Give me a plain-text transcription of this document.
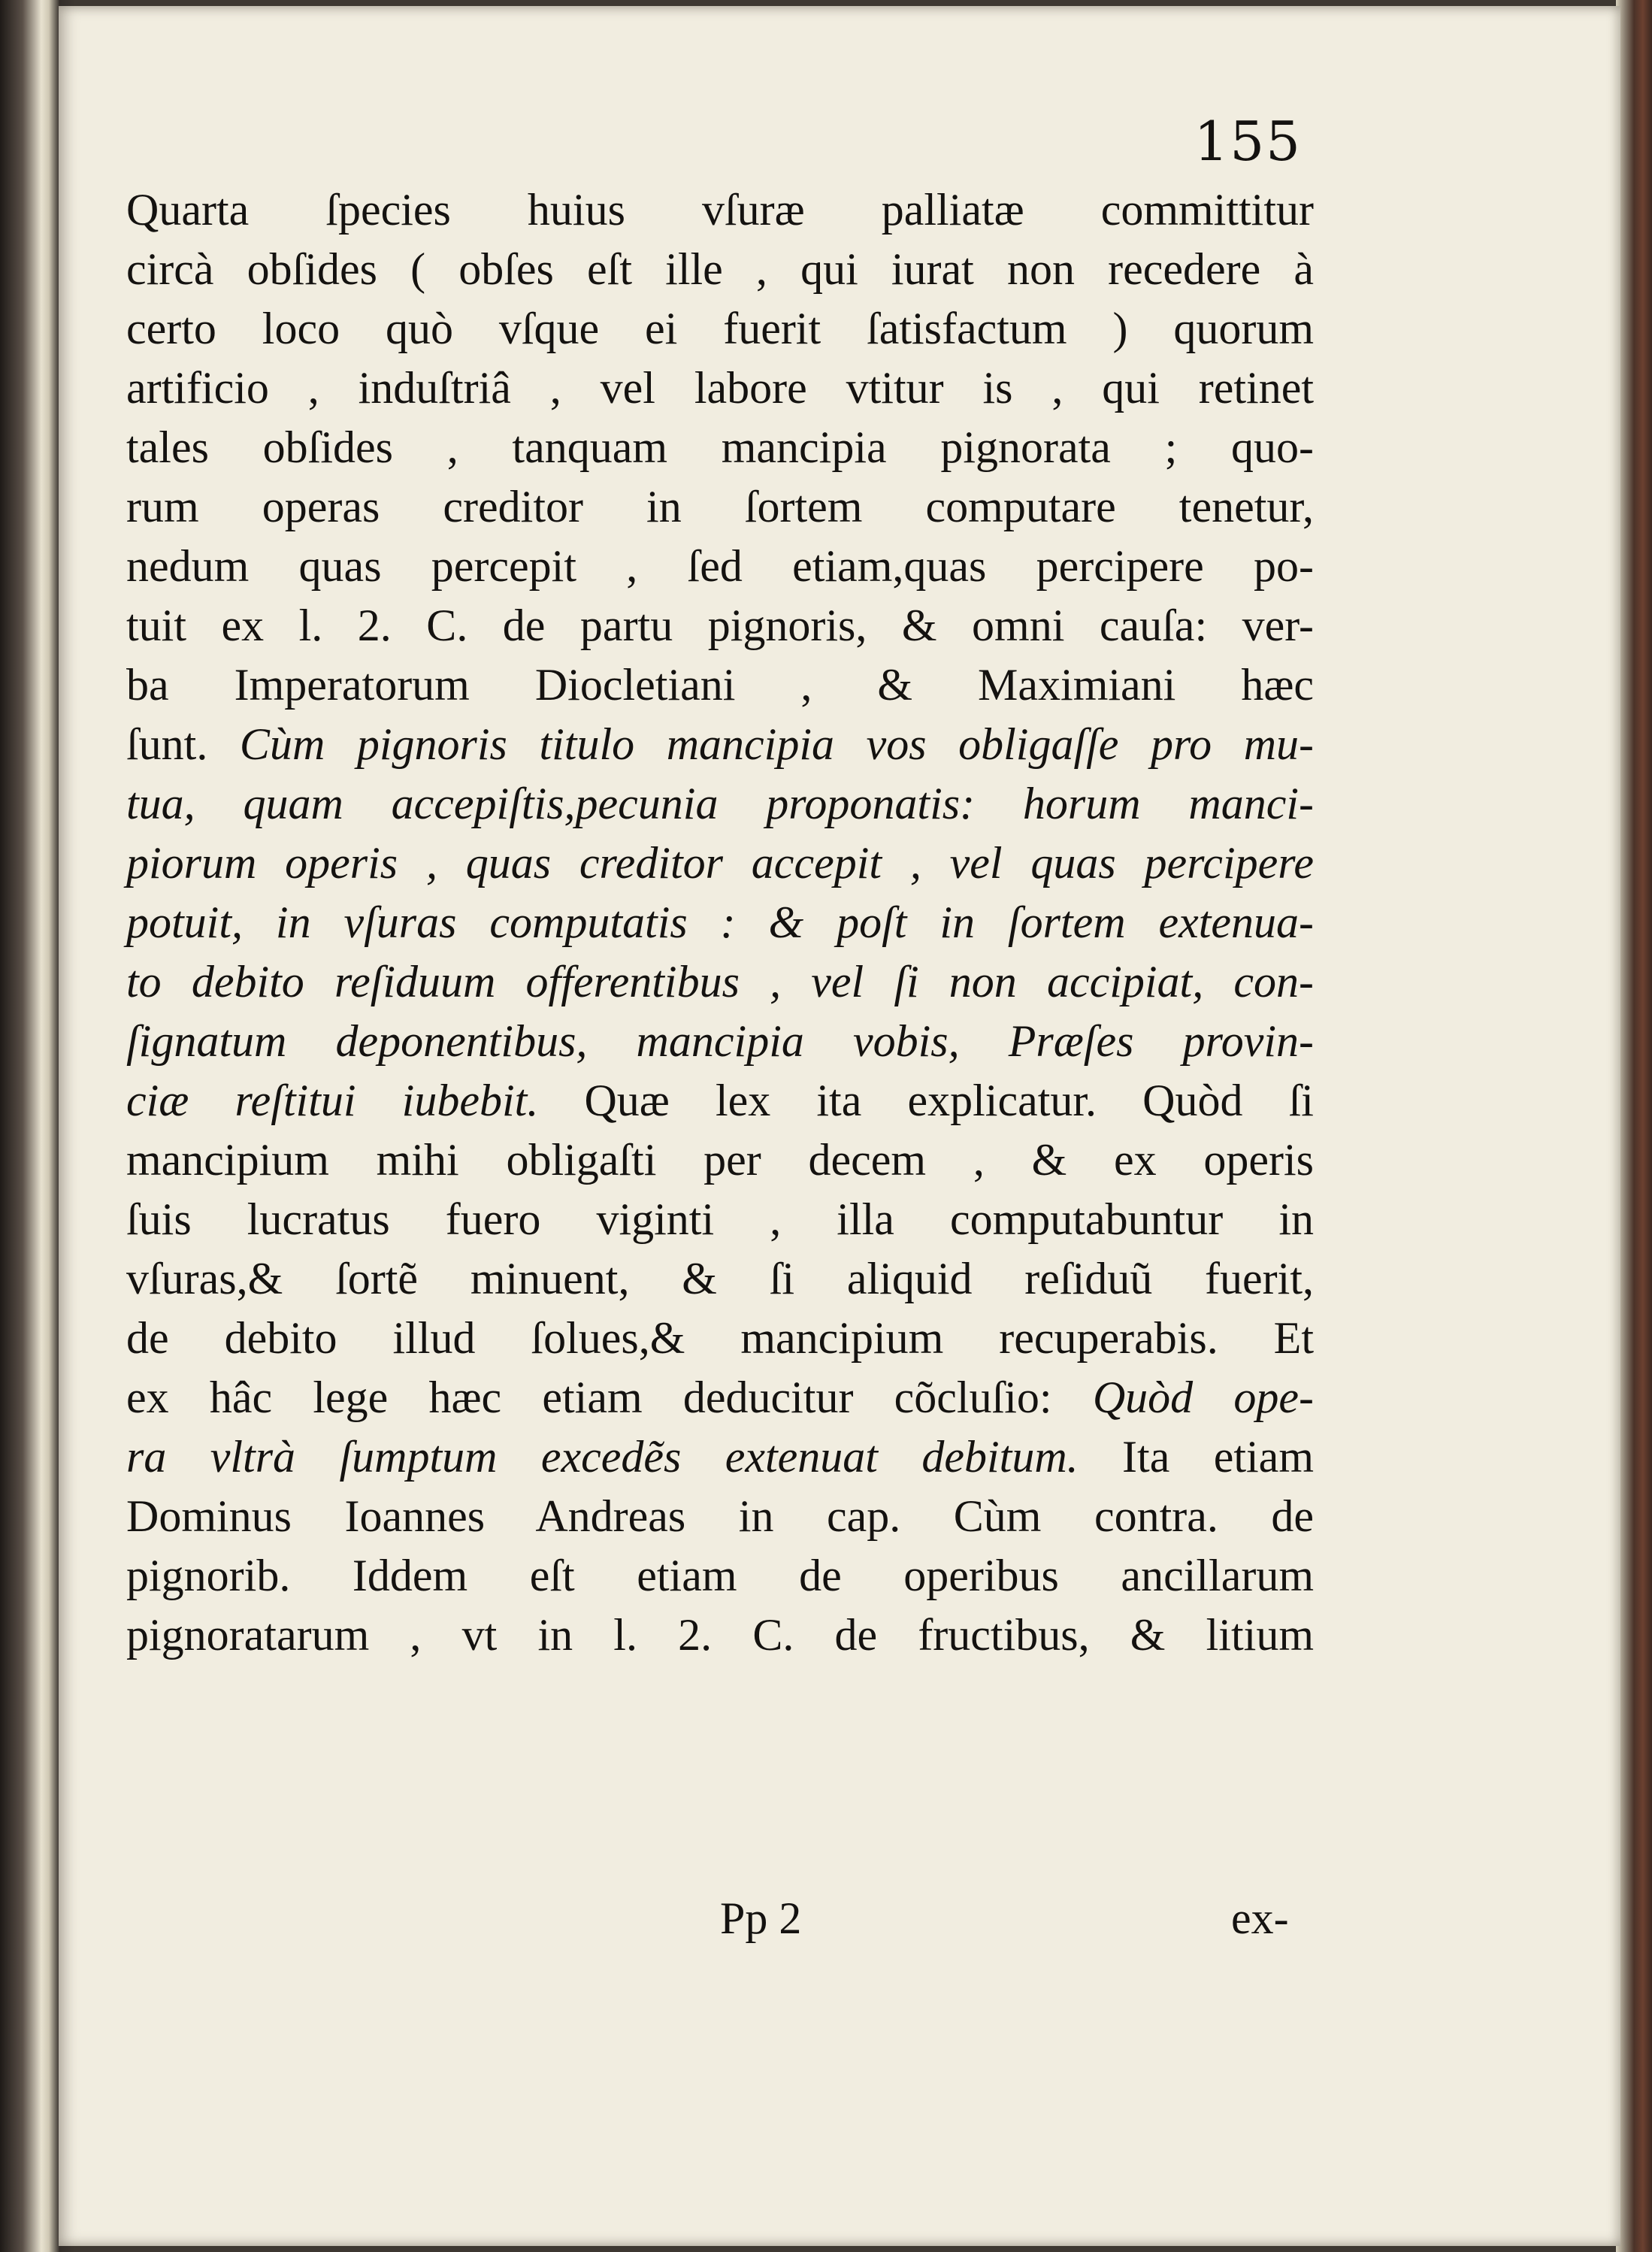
155

Quarta ſpecies huius vſuræ palliatæ committitur
circà obſides ( obſes eſt ille , qui iurat non recedere à
certo loco quò vſque ei fuerit ſatisfactum ) quorum
artificio , induſtriâ , vel labore vtitur is , qui retinet
tales obſides , tanquam mancipia pignorata ; quo-
rum operas creditor in ſortem computare tenetur,
nedum quas percepit , ſed etiam,quas percipere po-
tuit ex l. 2. C. de partu pignoris, & omni cauſa: ver-
ba Imperatorum Diocletiani , & Maximiani hæc
ſunt. Cùm pignoris titulo mancipia vos obligaſſe pro mu-
tua, quam accepiſtis,pecunia proponatis: horum manci-
piorum operis , quas creditor accepit , vel quas percipere
potuit, in vſuras computatis : & poſt in ſortem extenua-
to debito reſiduum offerentibus , vel ſi non accipiat, con-
ſignatum deponentibus, mancipia vobis, Præſes provin-
ciæ reſtitui iubebit. Quæ lex ita explicatur. Quòd ſi
mancipium mihi obligaſti per decem , & ex operis
ſuis lucratus fuero viginti , illa computabuntur in
vſuras,& ſortẽ minuent, & ſi aliquid reſiduũ fuerit,
de debito illud ſolues,& mancipium recuperabis. Et
ex hâc lege hæc etiam deducitur cõcluſio: Quòd ope-
ra vltrà ſumptum excedẽs extenuat debitum. Ita etiam
Dominus Ioannes Andreas in cap. Cùm contra. de
pignorib. Iddem eſt etiam de operibus ancillarum
pignoratarum , vt in l. 2. C. de fructibus, & litium

Pp 2	ex-
